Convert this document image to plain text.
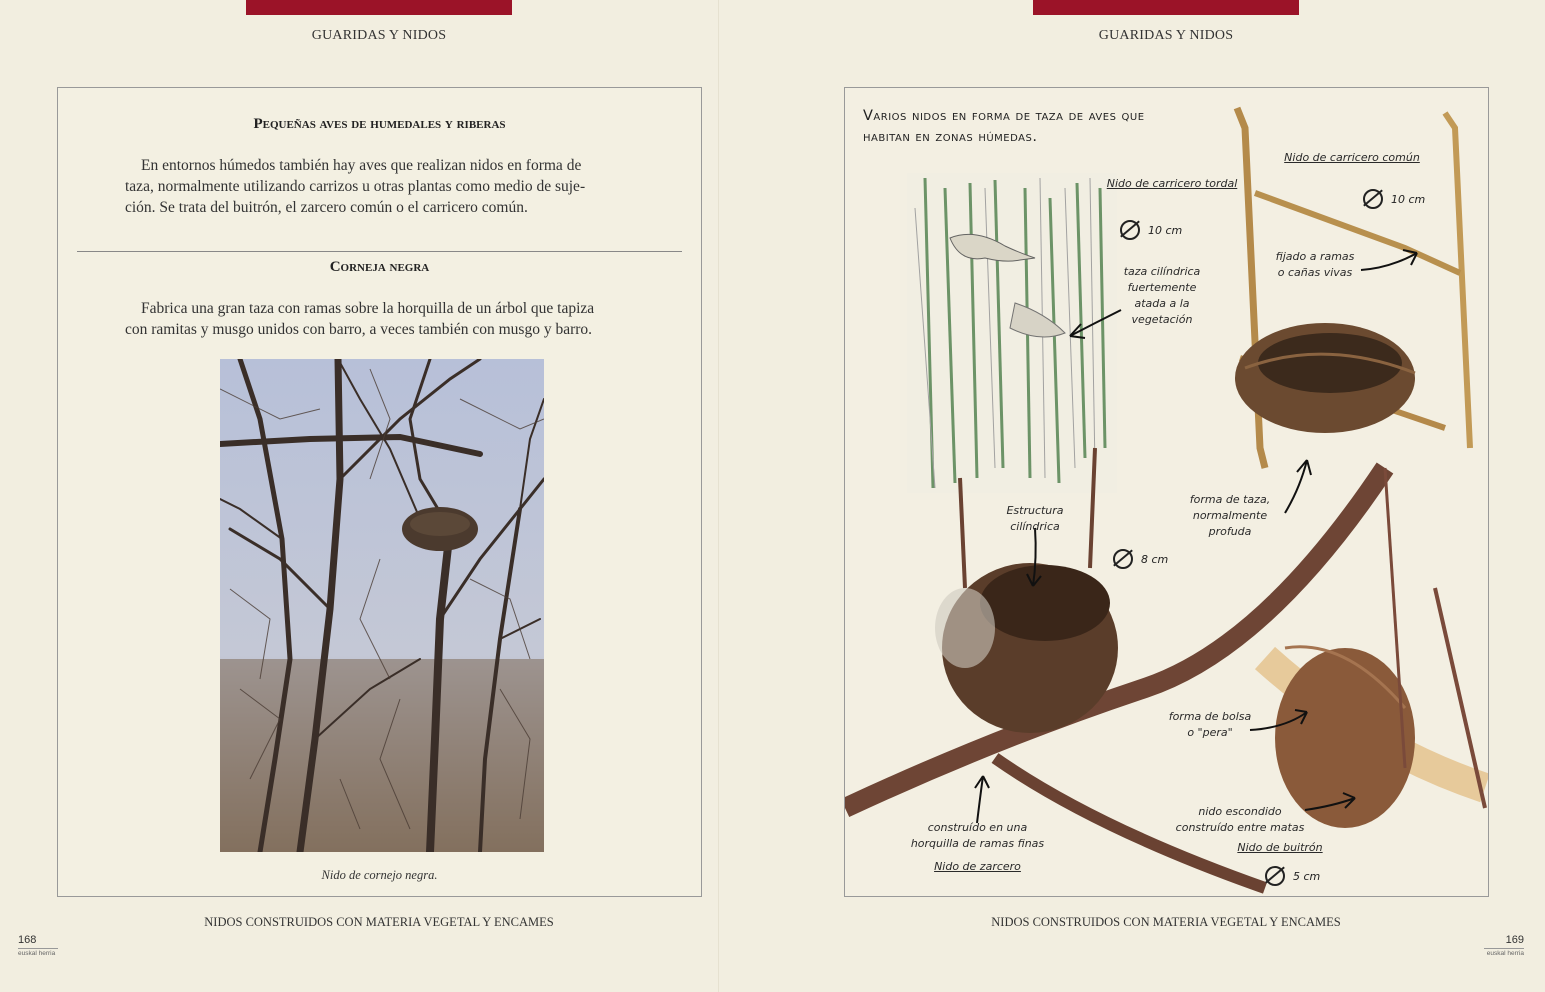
GUARIDAS Y NIDOS
Pequeñas aves de humedales y riberas
En entornos húmedos también hay aves que realizan nidos en forma de
taza, normalmente utilizando carrizos u otras plantas como medio de suje-
ción. Se trata del buitrón, el zarcero común o el carricero común.
Corneja negra
Fabrica una gran taza con ramas sobre la horquilla de un árbol que tapiza
con ramitas y musgo unidos con barro, a veces también con musgo y barro.
Nido de cornejo negra.
NIDOS CONSTRUIDOS CON MATERIA VEGETAL Y ENCAMES
168
euskal herria
GUARIDAS Y NIDOS
Varios nidos en forma de taza de aves que
habitan en zonas húmedas.
Nido de carricero tordal
10 cm
taza cilíndrica
fuertemente
atada a la
vegetación
Nido de carricero común
10 cm
fijado a ramas
o cañas vivas
forma de taza,
normalmente
profuda
Estructura
cilíndrica
8 cm
forma de bolsa
o "pera"
construído en una
horquilla de ramas finas
Nido de zarcero
nido escondido
construído entre matas
Nido de buitrón
5 cm
NIDOS CONSTRUIDOS CON MATERIA VEGETAL Y ENCAMES
169
euskal herria
